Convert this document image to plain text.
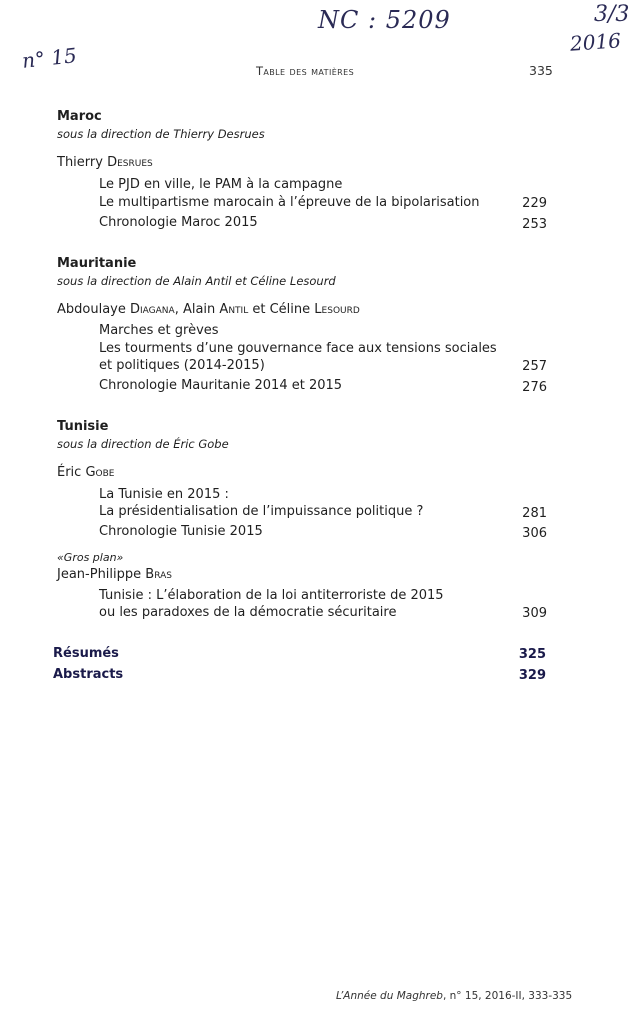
NC : 5209
n° 15
3/3
2016
Table des matières	335
Maroc
sous la direction de Thierry Desrues
Thierry Desrues
Le PJD en ville, le PAM à la campagne
Le multipartisme marocain à l’épreuve de la bipolarisation	229
Chronologie Maroc 2015	253
Mauritanie
sous la direction de Alain Antil et Céline Lesourd
Abdoulaye Diagana, Alain Antil et Céline Lesourd
Marches et grèves
Les tourments d’une gouvernance face aux tensions sociales
et politiques (2014-2015)	257
Chronologie Mauritanie 2014 et 2015	276
Tunisie
sous la direction de Éric Gobe
Éric Gobe
La Tunisie en 2015 :
La présidentialisation de l’impuissance politique ?	281
Chronologie Tunisie 2015	306
«Gros plan»
Jean-Philippe Bras
Tunisie : L’élaboration de la loi antiterroriste de 2015
ou les paradoxes de la démocratie sécuritaire	309
Résumés	325
Abstracts	329
L’Année du Maghreb, n° 15, 2016-II, 333-335
